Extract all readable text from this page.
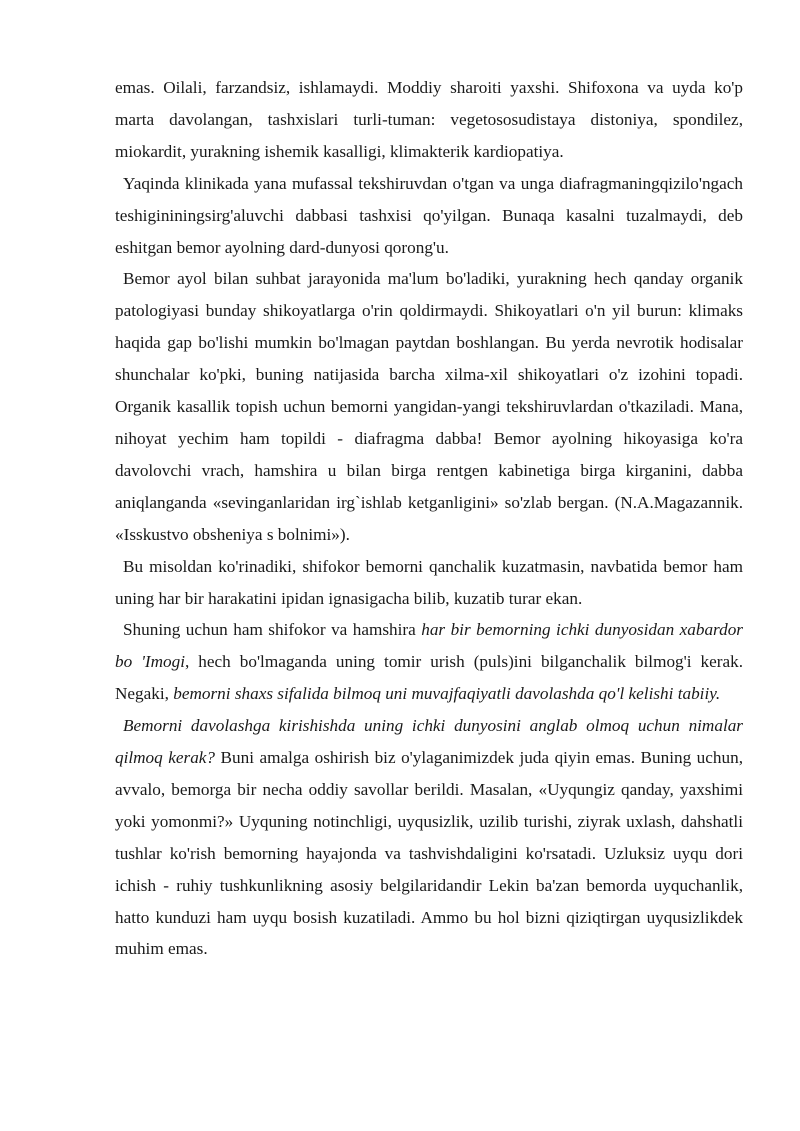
emas. Oilali, farzandsiz, ishlamaydi. Moddiy sharoiti yaxshi. Shifoxona va uyda ko'p marta davolangan, tashxislari turli-tuman: vegetososudistaya distoniya, spondilez, miokardit, yurakning ishemik kasalligi, klimakterik kardiopatiya.

Yaqinda klinikada yana mufassal tekshiruvdan o'tgan va unga diafragmaningqizilo'ngach teshigininingsirg'aluvchi dabbasi tashxisi qo'yilgan. Bunaqa kasalni tuzalmaydi, deb eshitgan bemor ayolning dard-dunyosi qorong'u.

Bemor ayol bilan suhbat jarayonida ma'lum bo'ladiki, yurakning hech qanday organik patologiyasi bunday shikoyatlarga o'rin qoldirmaydi. Shikoyatlari o'n yil burun: klimaks haqida gap bo'lishi mumkin bo'lmagan paytdan boshlangan. Bu yerda nevrotik hodisalar shunchalar ko'pki, buning natijasida barcha xilma-xil shikoyatlari o'z izohini topadi. Organik kasallik topish uchun bemorni yangidan-yangi tekshiruvlardan o'tkaziladi. Mana, nihoyat yechim ham topildi - diafragma dabba! Bemor ayolning hikoyasiga ko'ra davolovchi vrach, hamshira u bilan birga rentgen kabinetiga birga kirganini, dabba aniqlanganda «sevinganlaridan irg`ishlab ketganligini» so'zlab bergan. (N.A.Magazannik. «Isskustvo obsheniya s bolnimi»).

Bu misoldan ko'rinadiki, shifokor bemorni qanchalik kuzatmasin, navbatida bemor ham uning har bir harakatini ipidan ignasigacha bilib, kuzatib turar ekan.

Shuning uchun ham shifokor va hamshira har bir bemorning ichki dunyosidan xabardor bo 'Imogi, hech bo'lmaganda uning tomir urish (puls)ini bilganchalik bilmog'i kerak. Negaki, bemorni shaxs sifalida bilmoq uni muvajfaqiyatli davolashda qo'l kelishi tabiiy.

Bemorni davolashga kirishishda uning ichki dunyosini anglab olmoq uchun nimalar qilmoq kerak? Buni amalga oshirish biz o'ylaganimizdek juda qiyin emas. Buning uchun, avvalo, bemorga bir necha oddiy savollar berildi. Masalan, «Uyqungiz qanday, yaxshimi yoki yomonmi?» Uyquning notinchligi, uyqusizlik, uzilib turishi, ziyrak uxlash, dahshatli tushlar ko'rish bemorning hayajonda va tashvishdaligini ko'rsatadi. Uzluksiz uyqu dori ichish - ruhiy tushkunlikning asosiy belgilaridandir Lekin ba'zan bemorda uyquchanlik, hatto kunduzi ham uyqu bosish kuzatiladi. Ammo bu hol bizni qiziqtirgan uyqusizlikdek muhim emas.
